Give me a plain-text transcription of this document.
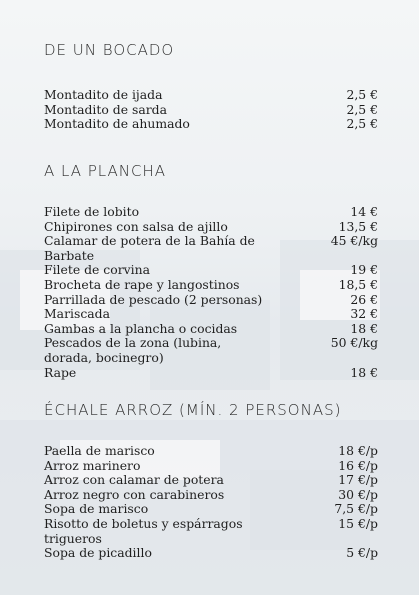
DE UN BOCADO
Montadito de ijada	2,5 €
Montadito de sarda	2,5 €
Montadito de ahumado	2,5 €
A LA PLANCHA
Filete de lobito	14 €
Chipirones con salsa de ajillo	13,5 €
Calamar de potera de la Bahía de Barbate
45 €/kg
Filete de corvina	19 €
Brocheta de rape y langostinos	18,5 €
Parrillada de pescado (2 personas)	26 €
Mariscada	32 €
Gambas a la plancha o cocidas	18 €
Pescados de la zona (lubina, dorada, bocinegro)
50 €/kg
Rape	18 €
ÉCHALE ARROZ (MÍN. 2 PERSONAS)
Paella de marisco	18 €/p
Arroz marinero	16 €/p
Arroz con calamar de potera	17 €/p
Arroz negro con carabineros	30 €/p
Sopa de marisco	7,5 €/p
Risotto de boletus y espárragos trigueros
15 €/p
Sopa de picadillo	5 €/p
